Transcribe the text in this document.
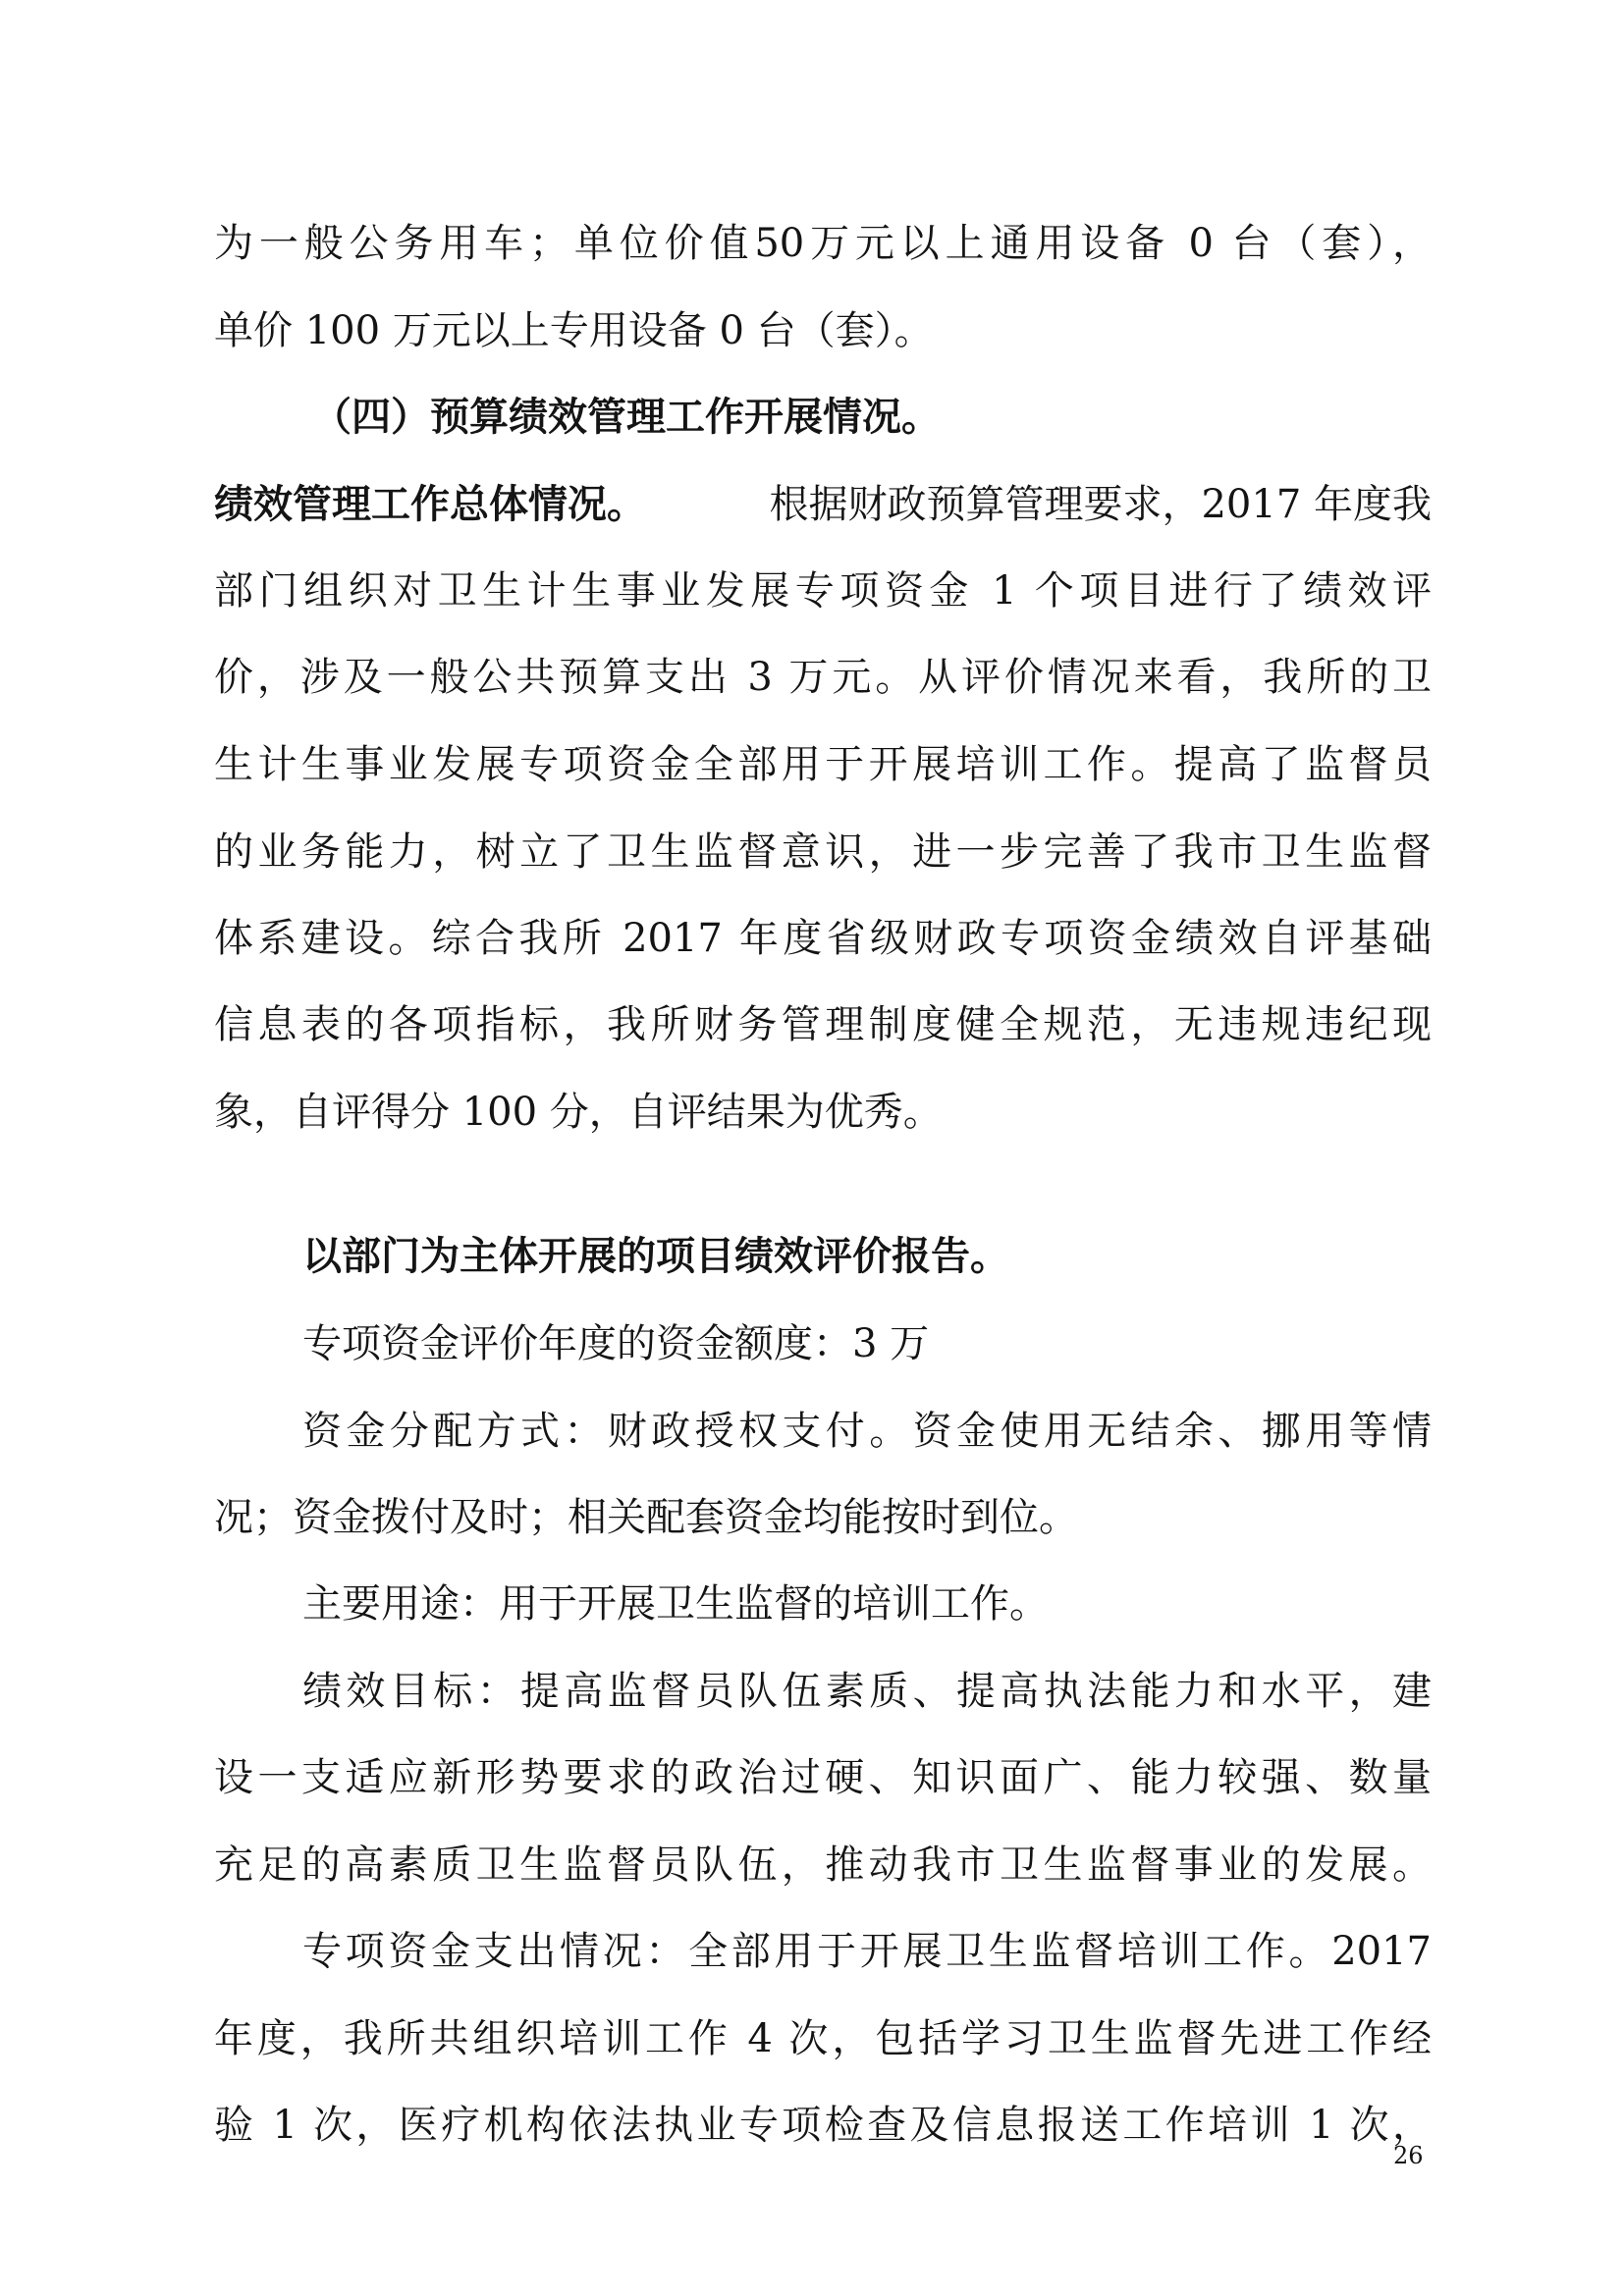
为一般公务用车；单位价值50万元以上通用设备 0 台（套），
单价 100 万元以上专用设备 0 台（套）。
（四）预算绩效管理工作开展情况。
绩效管理工作总体情况。	根据财政预算管理要求，2017 年度我
部门组织对卫生计生事业发展专项资金 1 个项目进行了绩效评
价，涉及一般公共预算支出 3 万元。从评价情况来看，我所的卫
生计生事业发展专项资金全部用于开展培训工作。提高了监督员
的业务能力，树立了卫生监督意识，进一步完善了我市卫生监督
体系建设。综合我所 2017 年度省级财政专项资金绩效自评基础
信息表的各项指标，我所财务管理制度健全规范，无违规违纪现
象，自评得分 100 分，自评结果为优秀。
以部门为主体开展的项目绩效评价报告。
专项资金评价年度的资金额度：3 万
资金分配方式：财政授权支付。资金使用无结余、挪用等情
况；资金拨付及时；相关配套资金均能按时到位。
主要用途：用于开展卫生监督的培训工作。
绩效目标：提高监督员队伍素质、提高执法能力和水平，建
设一支适应新形势要求的政治过硬、知识面广、能力较强、数量
充足的高素质卫生监督员队伍，推动我市卫生监督事业的发展。
专项资金支出情况：全部用于开展卫生监督培训工作。2017
年度，我所共组织培训工作 4 次，包括学习卫生监督先进工作经
验 1 次，医疗机构依法执业专项检查及信息报送工作培训 1 次，
26
